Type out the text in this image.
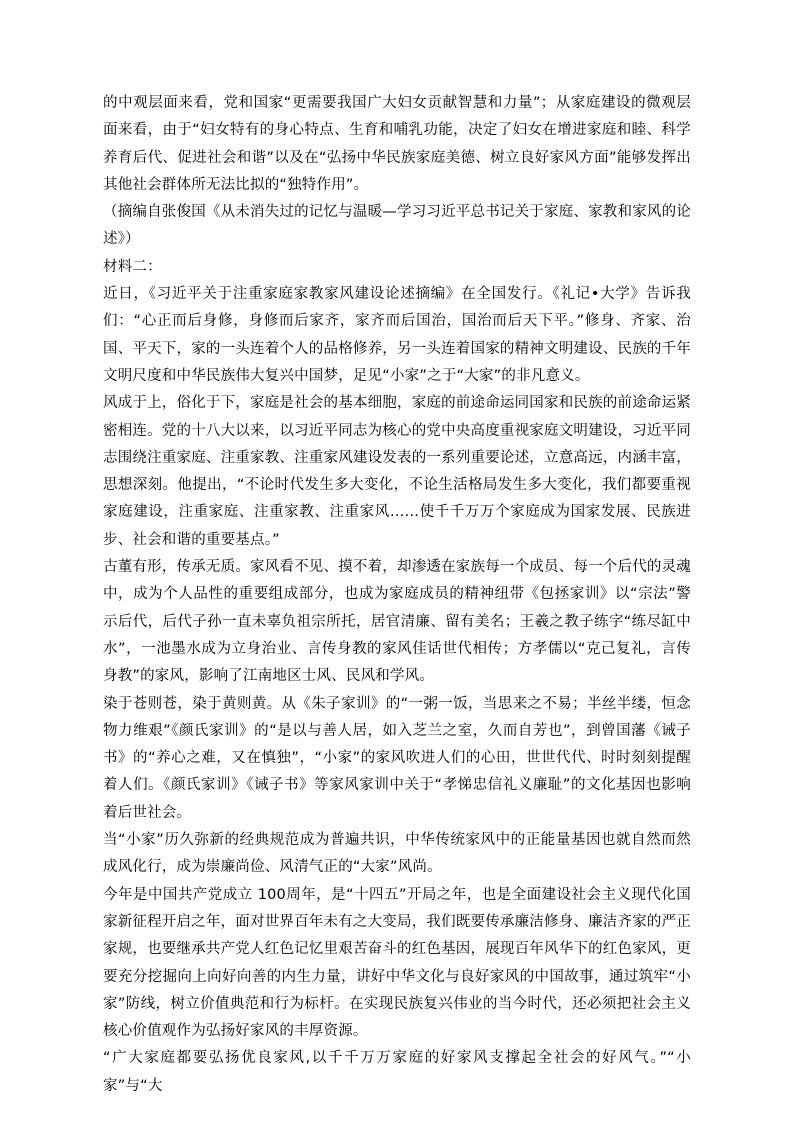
的中观层面来看，党和国家“更需要我国广大妇女贡献智慧和力量”；从家庭建设的微观层面来看，由于“妇女特有的身心特点、生育和哺乳功能，决定了妇女在增进家庭和睦、科学养育后代、促进社会和谐”以及在“弘扬中华民族家庭美德、树立良好家风方面”能够发挥出其他社会群体所无法比拟的“独特作用”。

（摘编自张俊国《从未消失过的记忆与温暖—学习习近平总书记关于家庭、家教和家风的论述》）

材料二：

近日，《习近平关于注重家庭家教家风建设论述摘编》在全国发行。《礼记•大学》告诉我们：“心正而后身修，身修而后家齐，家齐而后国治，国治而后天下平。”修身、齐家、治国、平天下，家的一头连着个人的品格修养，另一头连着国家的精神文明建设、民族的千年文明尺度和中华民族伟大复兴中国梦，足见“小家”之于“大家”的非凡意义。

风成于上，俗化于下，家庭是社会的基本细胞，家庭的前途命运同国家和民族的前途命运紧密相连。党的十八大以来，以习近平同志为核心的党中央高度重视家庭文明建设，习近平同志围绕注重家庭、注重家教、注重家风建设发表的一系列重要论述，立意高远，内涵丰富，思想深刻。他提出，“不论时代发生多大变化，不论生活格局发生多大变化，我们都要重视家庭建设，注重家庭、注重家教、注重家风……使千千万万个家庭成为国家发展、民族进步、社会和谐的重要基点。”

古董有形，传承无质。家风看不见、摸不着，却渗透在家族每一个成员、每一个后代的灵魂中，成为个人品性的重要组成部分，也成为家庭成员的精神纽带《包拯家训》以“宗法”警示后代，后代子孙一直未辜负祖宗所托，居官清廉、留有美名；王羲之教子练字“练尽缸中水”，一池墨水成为立身治业、言传身教的家风佳话世代相传；方孝儒以“克己复礼，言传身教”的家风，影响了江南地区士风、民风和学风。

染于苍则苍，染于黄则黄。从《朱子家训》的“一粥一饭，当思来之不易；半丝半缕，恒念物力维艰”《颜氏家训》的“是以与善人居，如入芝兰之室，久而自芳也”，到曾国藩《诫子书》的“养心之难，又在慎独”，“小家”的家风吹进人们的心田，世世代代、时时刻刻提醒着人们。《颜氏家训》《诫子书》等家风家训中关于“孝悌忠信礼义廉耻”的文化基因也影响着后世社会。

当“小家”历久弥新的经典规范成为普遍共识，中华传统家风中的正能量基因也就自然而然成风化行，成为崇廉尚俭、风清气正的“大家”风尚。

今年是中国共产党成立 100周年，是“十四五”开局之年，也是全面建设社会主义现代化国家新征程开启之年，面对世界百年未有之大变局，我们既要传承廉洁修身、廉洁齐家的严正家规，也要继承共产党人红色记忆里艰苦奋斗的红色基因，展现百年风华下的红色家风，更要充分挖掘向上向好向善的内生力量，讲好中华文化与良好家风的中国故事，通过筑牢“小家”防线，树立价值典范和行为标杆。在实现民族复兴伟业的当今时代，还必须把社会主义核心价值观作为弘扬好家风的丰厚资源。

“广大家庭都要弘扬优良家风,以千千万万家庭的好家风支撑起全社会的好风气。”“小家”与“大
